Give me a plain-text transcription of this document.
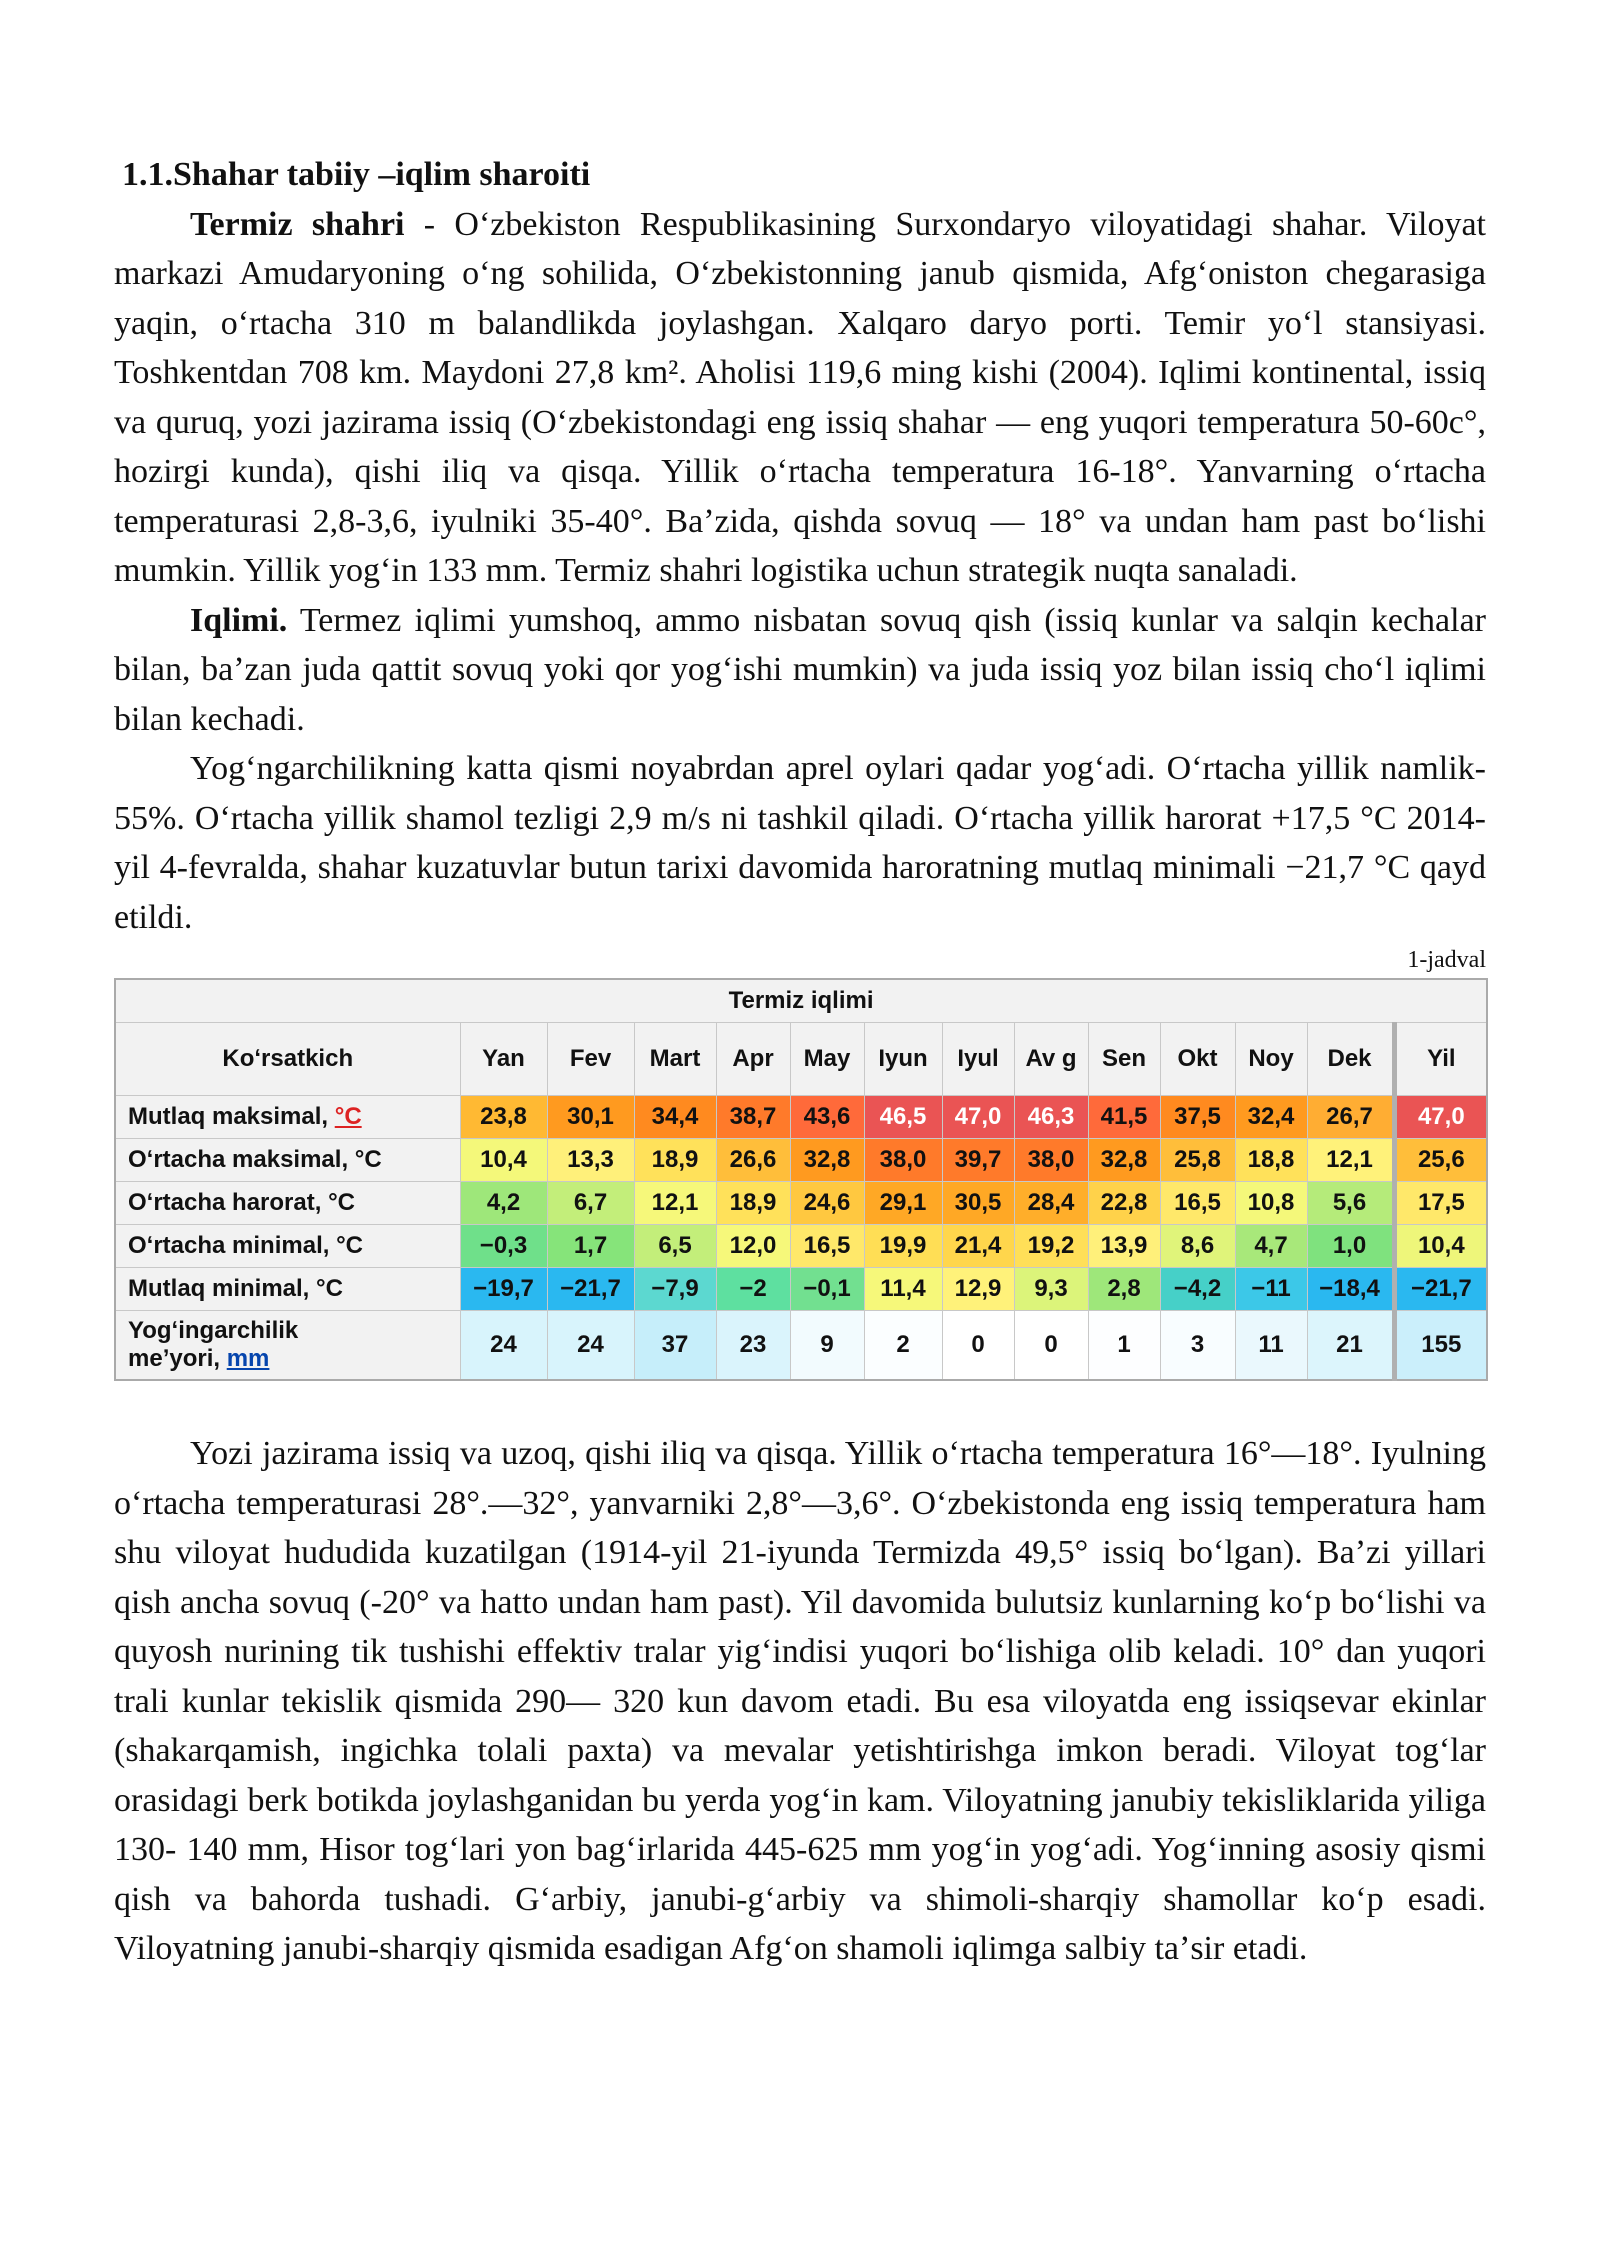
1.1.Shahar tabiiy –iqlim sharoiti

Termiz shahri - Oʻzbekiston Respublikasining Surxondaryo viloyatidagi shahar. Viloyat markazi Amudaryoning oʻng sohilida, Oʻzbekistonning janub qismida, Afgʻoniston chegarasiga yaqin, oʻrtacha 310 m balandlikda joylashgan. Xalqaro daryo porti. Temir yoʻl stansiyasi. Toshkentdan 708 km. Maydoni 27,8 km². Aholisi 119,6 ming kishi (2004). Iqlimi kontinental, issiq va quruq, yozi jazirama issiq (Oʻzbekistondagi eng issiq shahar — eng yuqori temperatura 50-60c°, hozirgi kunda), qishi iliq va qisqa. Yillik oʻrtacha temperatura 16-18°. Yanvarning oʻrtacha temperaturasi 2,8-3,6, iyulniki 35-40°. Baʼzida, qishda sovuq — 18° va undan ham past boʻlishi mumkin. Yillik yogʻin 133 mm. Termiz shahri logistika uchun strategik nuqta sanaladi.

Iqlimi. Termez iqlimi yumshoq, ammo nisbatan sovuq qish (issiq kunlar va salqin kechalar bilan, baʼzan juda qattit sovuq yoki qor yogʻishi mumkin) va juda issiq yoz bilan issiq choʻl iqlimi bilan kechadi.

Yogʻngarchilikning katta qismi noyabrdan aprel oylari qadar yogʻadi. Oʻrtacha yillik namlik-55%. Oʻrtacha yillik shamol tezligi 2,9 m/s ni tashkil qiladi. Oʻrtacha yillik harorat +17,5 °C 2014-yil 4-fevralda, shahar kuzatuvlar butun tarixi davomida haroratning mutlaq minimali −21,7 °C qayd etildi.

1-jadval
Termiz iqlimi													
Koʻrsatkich	Yan	Fev	Mart	Apr	May	Iyun	Iyul	Av g	Sen	Okt	Noy	Dek	Yil
Mutlaq maksimal, °C	23,8	30,1	34,4	38,7	43,6	46,5	47,0	46,3	41,5	37,5	32,4	26,7	47,0
Oʻrtacha maksimal, °C	10,4	13,3	18,9	26,6	32,8	38,0	39,7	38,0	32,8	25,8	18,8	12,1	25,6
Oʻrtacha harorat, °C	4,2	6,7	12,1	18,9	24,6	29,1	30,5	28,4	22,8	16,5	10,8	5,6	17,5
Oʻrtacha minimal, °C	−0,3	1,7	6,5	12,0	16,5	19,9	21,4	19,2	13,9	8,6	4,7	1,0	10,4
Mutlaq minimal, °C	−19,7	−21,7	−7,9	−2	−0,1	11,4	12,9	9,3	2,8	−4,2	−11	−18,4	−21,7

Yogʻingarchilik
meʼyori, mm	24	24	37	23	9	2	0	0	1	3	11	21	155

Yozi jazirama issiq va uzoq, qishi iliq va qisqa. Yillik oʻrtacha temperatura 16°—18°. Iyulning oʻrtacha temperaturasi 28°.—32°, yanvarniki 2,8°—3,6°. Oʻzbekistonda eng issiq temperatura ham shu viloyat hududida kuzatilgan (1914-yil 21-iyunda Termizda 49,5° issiq boʻlgan). Baʼzi yillari qish ancha sovuq (-20° va hatto undan ham past). Yil davomida bulutsiz kunlarning koʻp boʻlishi va quyosh nurining tik tushishi effektiv tralar yigʻindisi yuqori boʻlishiga olib keladi. 10° dan yuqori trali kunlar tekislik qismida 290— 320 kun davom etadi. Bu esa viloyatda eng issiqsevar ekinlar (shakarqamish, ingichka tolali paxta) va mevalar yetishtirishga imkon beradi. Viloyat togʻlar orasidagi berk botikda joylashganidan bu yerda yogʻin kam. Viloyatning janubiy tekisliklarida yiliga 130- 140 mm, Hisor togʻlari yon bagʻirlarida 445-625 mm yogʻin yogʻadi. Yogʻinning asosiy qismi qish va bahorda tushadi. Gʻarbiy, janubi-gʻarbiy va shimoli-sharqiy shamollar koʻp esadi. Viloyatning janubi-sharqiy qismida esadigan Afgʻon shamoli iqlimga salbiy taʼsir etadi.
